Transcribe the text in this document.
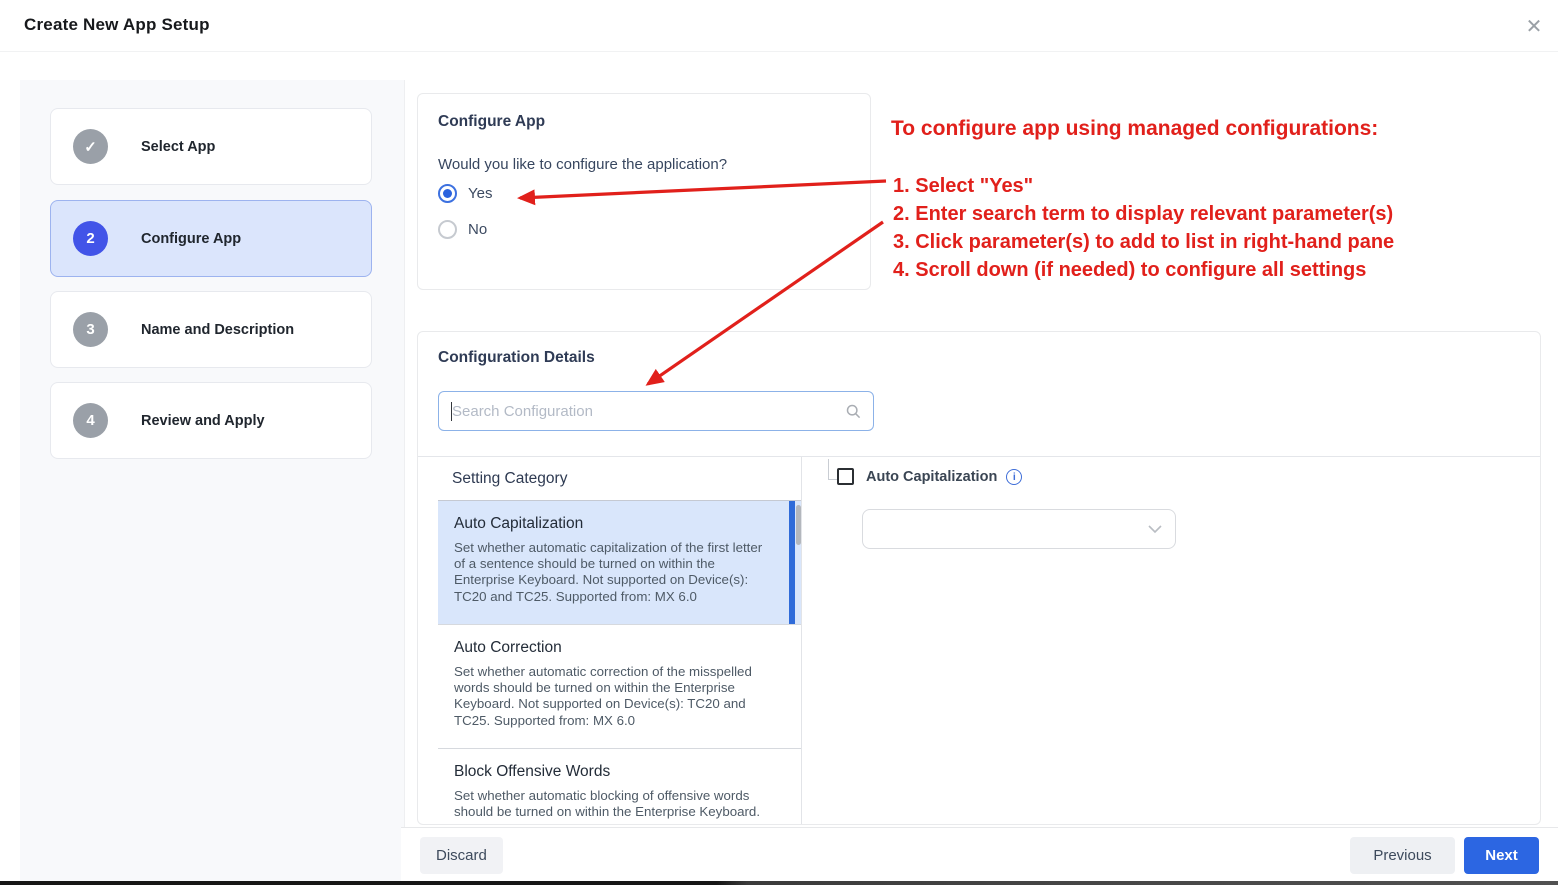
Create New App Setup	✕
✓	Select App
2	Configure App
3	Name and Description
4	Review and Apply
Configure App
Would you like to configure the application?
Yes
No
To configure app using managed configurations:
1. Select "Yes"
2. Enter search term to display relevant parameter(s)
3. Click parameter(s) to add to list in right-hand pane
4. Scroll down (if needed) to configure all settings
Configuration Details
Search Configuration
Setting Category
Auto Capitalization
Set whether automatic capitalization of the first letter of a sentence should be turned on within the Enterprise Keyboard. Not supported on Device(s): TC20 and TC25. Supported from: MX 6.0
Auto Correction
Set whether automatic correction of the misspelled words should be turned on within the Enterprise Keyboard. Not supported on Device(s): TC20 and TC25. Supported from: MX 6.0
Block Offensive Words
Set whether automatic blocking of offensive words should be turned on within the Enterprise Keyboard.
Auto Capitalization	i
Discard	Previous	Next
